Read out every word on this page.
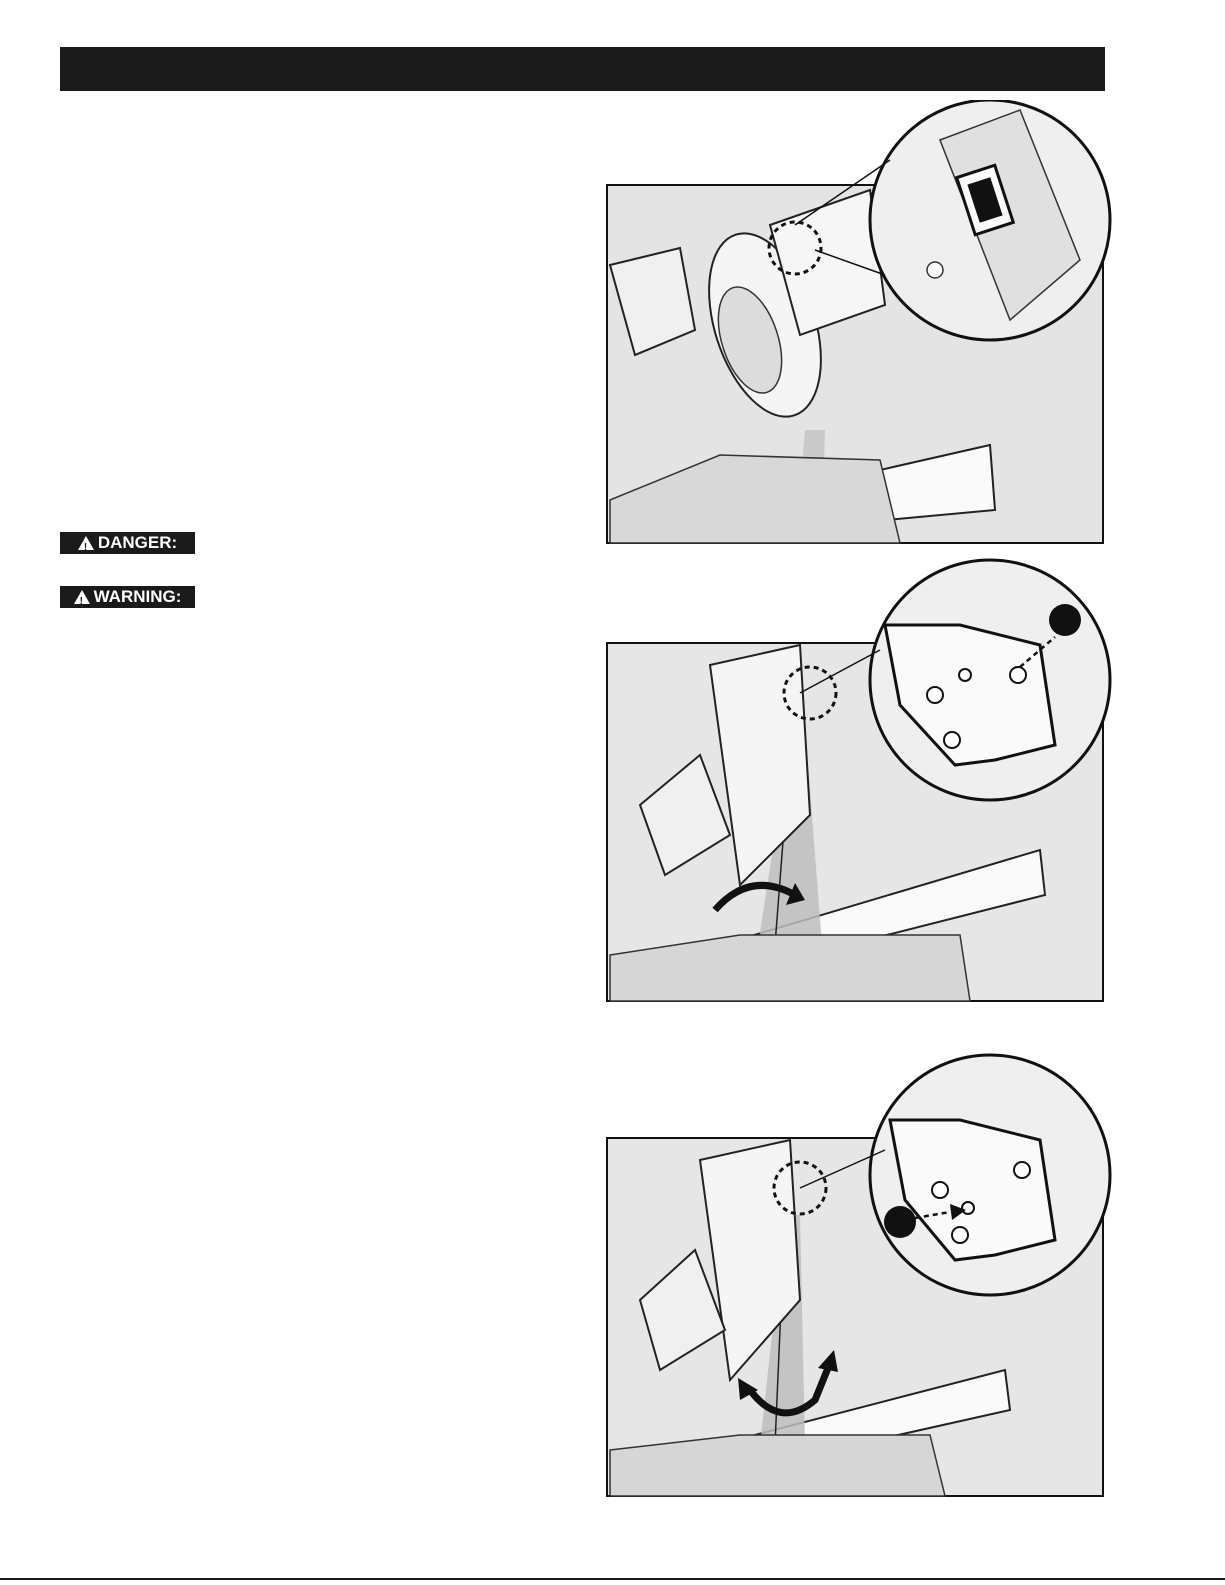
!
DANGER:
!
WARNING:
